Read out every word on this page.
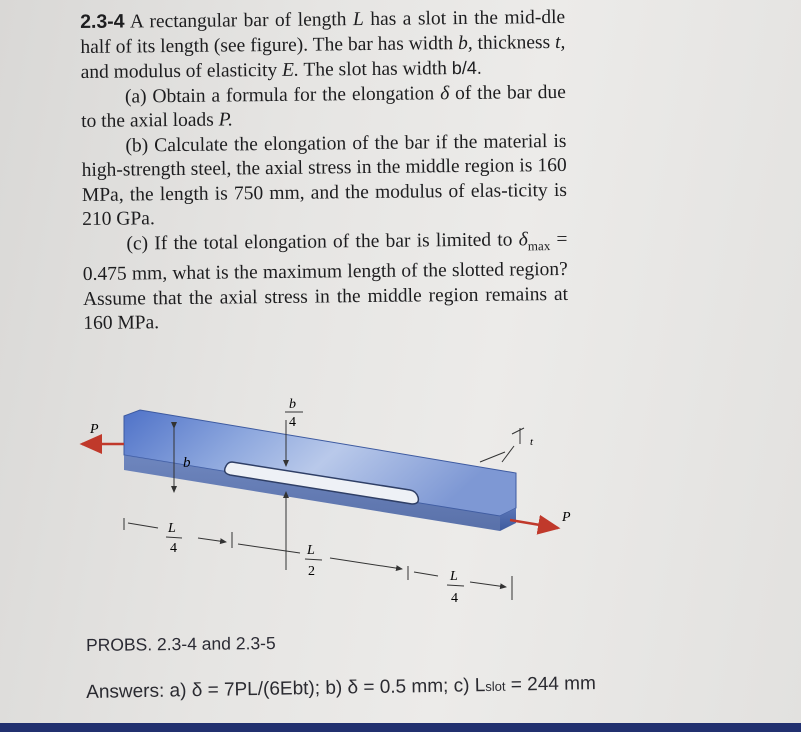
2.3-4 A rectangular bar of length L has a slot in the mid-dle half of its length (see figure). The bar has width b, thickness t, and modulus of elasticity E. The slot has width b/4.

(a) Obtain a formula for the elongation δ of the bar due to the axial loads P.

(b) Calculate the elongation of the bar if the material is high-strength steel, the axial stress in the middle region is 160 MPa, the length is 750 mm, and the modulus of elas-ticity is 210 GPa.

(c) If the total elongation of the bar is limited to $\delta_{max} = 0.475$ mm, what is the maximum length of the slotted region? Assume that the axial stress in the middle region remains at 160 MPa.

P
P
b
b
4
t
L
4	L
2	L
4
PROBS. 2.3-4 and 2.3-5
Answers: a) δ = 7PL/(6Ebt); b) δ = 0.5 mm; c) Lslot = 244 mm
